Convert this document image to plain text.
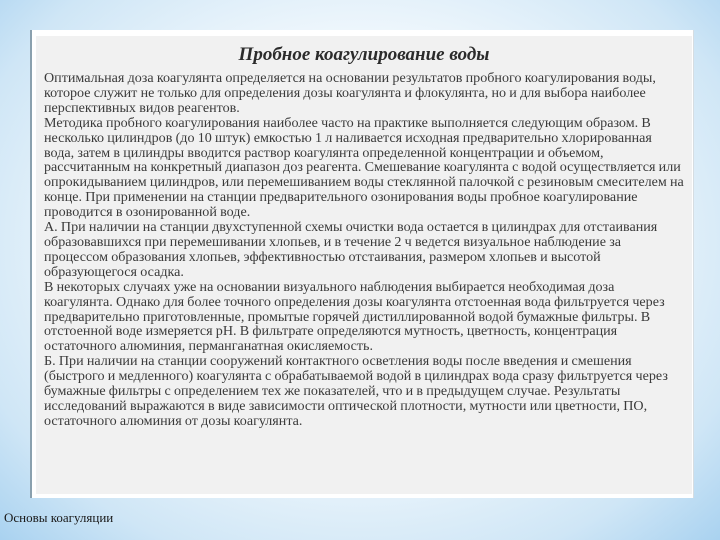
Пробное коагулирование воды
Оптимальная доза коагулянта определяется на основании результатов пробного коагулирования воды, которое служит не только для определения дозы коагулянта и флокулянта, но и для выбора наиболее перспективных видов реагентов.
Методика пробного коагулирования наиболее часто на практике выполняется следующим образом. В несколько цилиндров (до 10 штук) емкостью 1 л наливается исходная предварительно хлорированная вода, затем в цилиндры вводится раствор коагулянта определенной концентрации и объемом, рассчитанным на конкретный диапазон доз реагента. Смешевание коагулянта с водой осуществляется или опрокидыванием цилиндров, или перемешиванием воды стеклянной палочкой с резиновым смесителем на конце. При применении на станции предварительного озонирования воды пробное коагулирование проводится в озонированной воде.
А. При наличии на станции двухступенной схемы очистки вода остается в цилиндрах для отстаивания образовавшихся при перемешивании хлопьев, и в течение 2 ч ведется визуальное наблюдение за процессом образования хлопьев, эффективностью отстаивания, размером хлопьев и высотой образующегося осадка.
В некоторых случаях уже на основании визуального наблюдения выбирается необходимая доза коагулянта. Однако для более точного определения дозы коагулянта отстоенная вода фильтруется через предварительно приготовленные, промытые горячей дистиллированной водой бумажные фильтры. В отстоенной воде измеряется рН. В фильтрате определяются мутность, цветность, концентрация остаточного алюминия, перманганатная окисляемость.
Б. При наличии на станции сооружений контактного осветления воды после введения и смешения (быстрого и медленного) коагулянта с обрабатываемой водой в цилиндрах вода сразу фильтруется через бумажные фильтры с определением тех же показателей, что и в предыдущем случае. Результаты исследований выражаются в виде зависимости оптической плотности, мутности или цветности, ПО, остаточного алюминия от дозы коагулянта.
Основы коагуляции
